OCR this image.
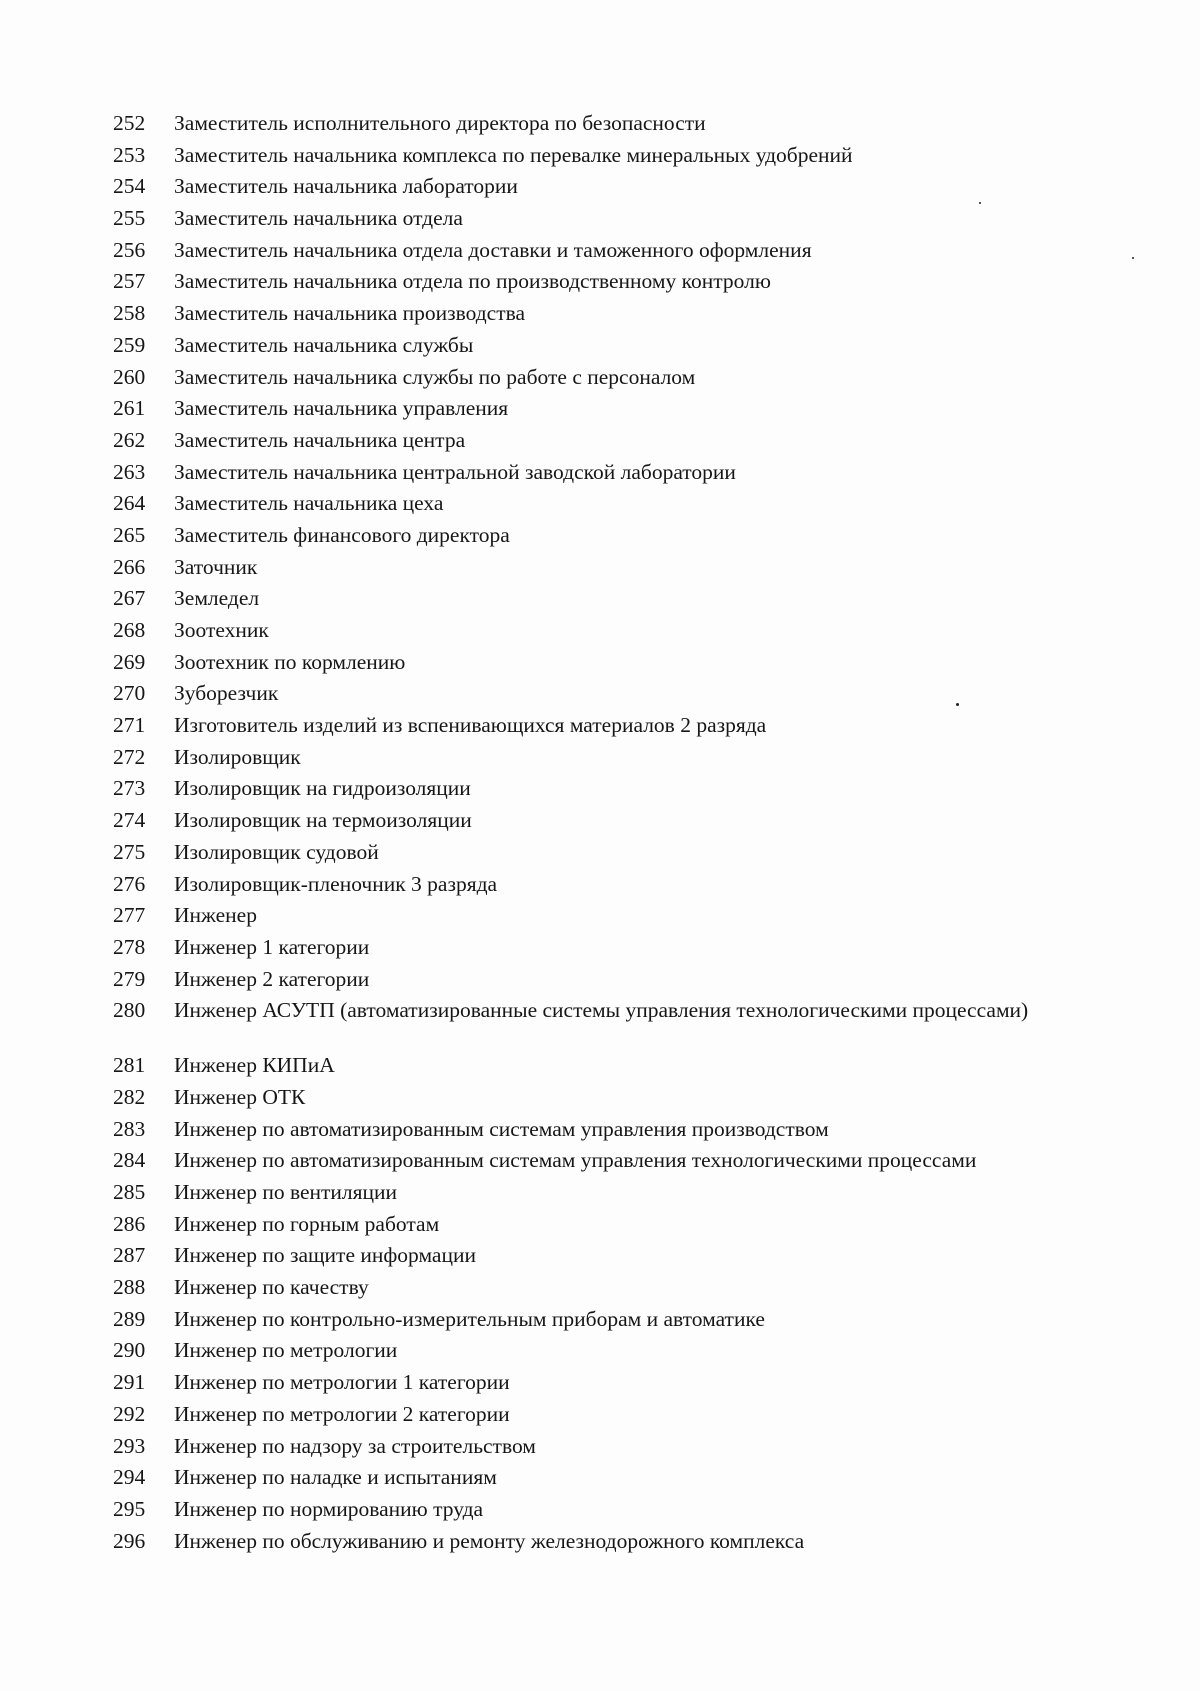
252	Заместитель исполнительного директора по безопасности
253	Заместитель начальника комплекса по перевалке минеральных удобрений
254	Заместитель начальника лаборатории
255	Заместитель начальника отдела
256	Заместитель начальника отдела доставки и таможенного оформления
257	Заместитель начальника отдела по производственному контролю
258	Заместитель начальника производства
259	Заместитель начальника службы
260	Заместитель начальника службы по работе с персоналом
261	Заместитель начальника управления
262	Заместитель начальника центра
263	Заместитель начальника центральной заводской лаборатории
264	Заместитель начальника цеха
265	Заместитель финансового директора
266	Заточник
267	Земледел
268	Зоотехник
269	Зоотехник по кормлению
270	Зуборезчик
271	Изготовитель изделий из вспенивающихся материалов 2 разряда
272	Изолировщик
273	Изолировщик на гидроизоляции
274	Изолировщик на термоизоляции
275	Изолировщик судовой
276	Изолировщик-пленочник 3 разряда
277	Инженер
278	Инженер 1 категории
279	Инженер 2 категории
280	Инженер АСУТП (автоматизированные системы управления технологическими процессами)
281	Инженер КИПиА
282	Инженер ОТК
283	Инженер по автоматизированным системам управления производством
284	Инженер по автоматизированным системам управления технологическими процессами
285	Инженер по вентиляции
286	Инженер по горным работам
287	Инженер по защите информации
288	Инженер по качеству
289	Инженер по контрольно-измерительным приборам и автоматике
290	Инженер по метрологии
291	Инженер по метрологии 1 категории
292	Инженер по метрологии 2 категории
293	Инженер по надзору за строительством
294	Инженер по наладке и испытаниям
295	Инженер по нормированию труда
296	Инженер по обслуживанию и ремонту железнодорожного комплекса
